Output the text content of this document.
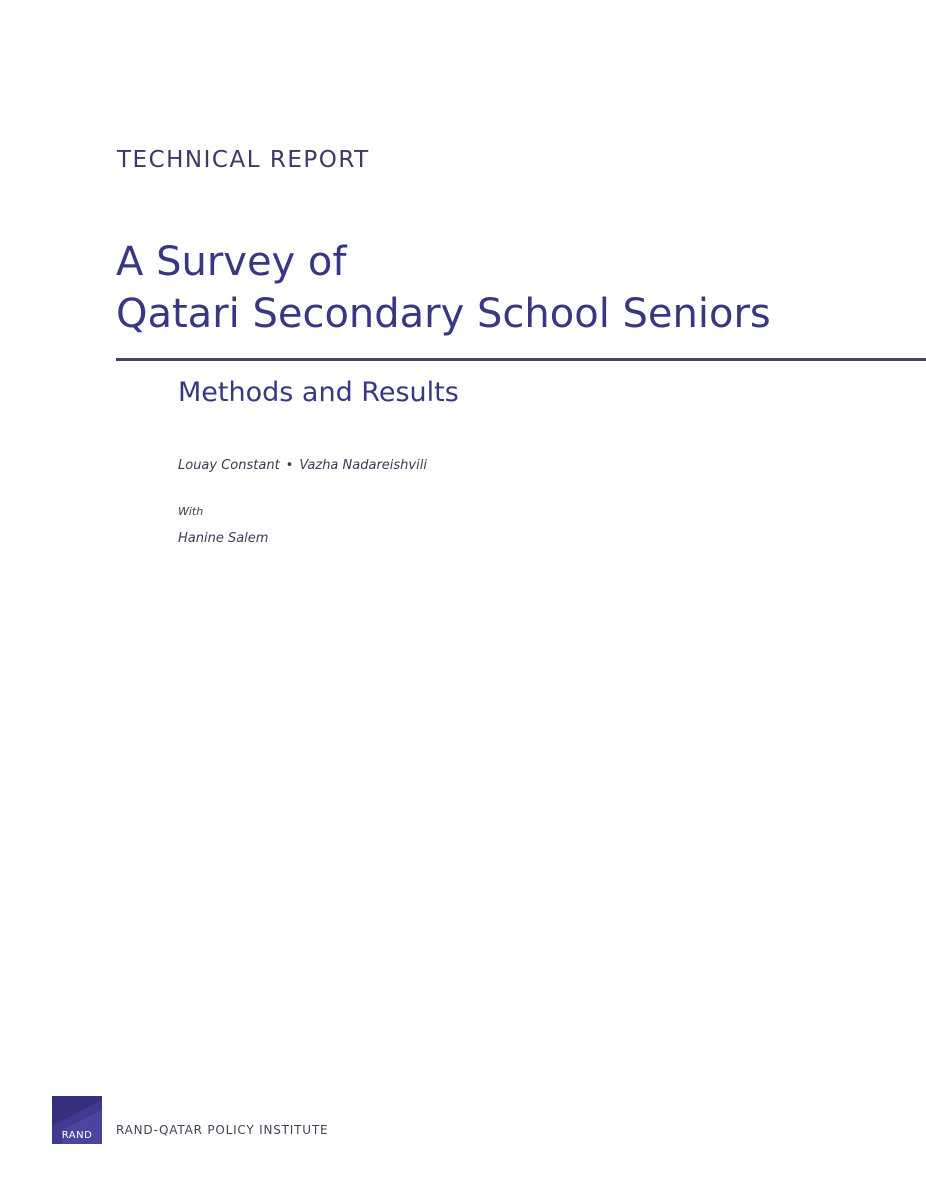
TECHNICAL REPORT
A Survey of
Qatari Secondary School Seniors
Methods and Results
Louay Constant • Vazha Nadareishvili
With
Hanine Salem
RAND	RAND-QATAR POLICY INSTITUTE
